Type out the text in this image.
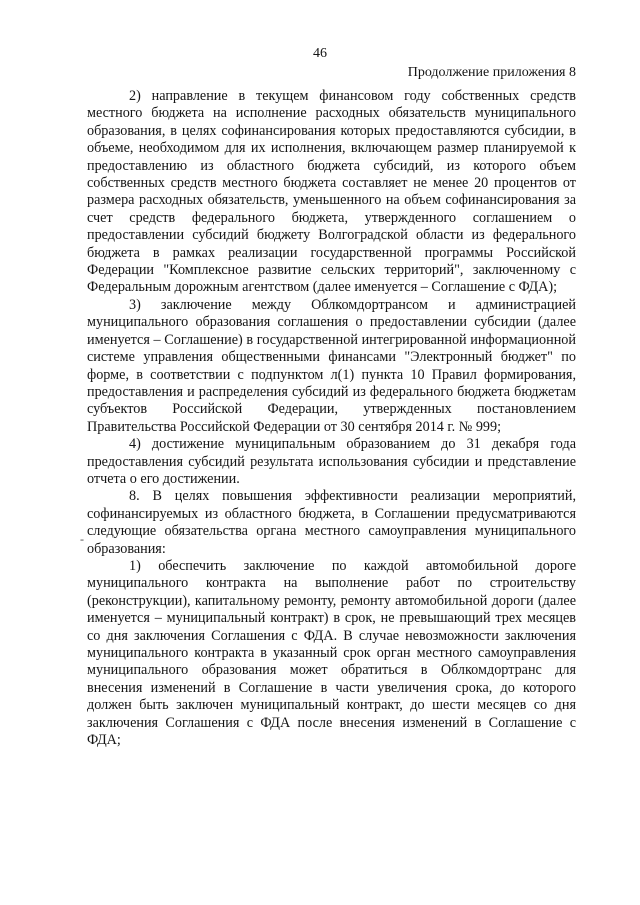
46
Продолжение приложения 8

2) направление в текущем финансовом году собственных средств местного бюджета на исполнение расходных обязательств муниципального образования, в целях софинансирования которых предоставляются субсидии, в объеме, необходимом для их исполнения, включающем размер планируемой к предоставлению из областного бюджета субсидий, из которого объем собственных средств местного бюджета составляет не менее 20 процентов от размера расходных обязательств, уменьшенного на объем софинансирования за счет средств федерального бюджета, утвержденного соглашением о предоставлении субсидий бюджету Волгоградской области из федерального бюджета в рамках реализации государственной программы Российской Федерации "Комплексное развитие сельских территорий", заключенному с Федеральным дорожным агентством (далее именуется – Соглашение с ФДА);

3) заключение между Облкомдортрансом и администрацией муниципального образования соглашения о предоставлении субсидии (далее именуется – Соглашение) в государственной интегрированной информационной системе управления общественными финансами "Электронный бюджет" по форме, в соответствии с подпунктом л(1) пункта 10 Правил формирования, предоставления и распределения субсидий из федерального бюджета бюджетам субъектов Российской Федерации, утвержденных постановлением Правительства Российской Федерации от 30 сентября 2014 г. № 999;

4) достижение муниципальным образованием до 31 декабря года предоставления субсидий результата использования субсидии и представление отчета о его достижении.

8. В целях повышения эффективности реализации мероприятий, софинансируемых из областного бюджета, в Соглашении предусматриваются следующие обязательства органа местного самоуправления муниципального образования:

1) обеспечить заключение по каждой автомобильной дороге муниципального контракта на выполнение работ по строительству (реконструкции), капитальному ремонту, ремонту автомобильной дороги (далее именуется – муниципальный контракт) в срок, не превышающий трех месяцев со дня заключения Соглашения с ФДА. В случае невозможности заключения муниципального контракта в указанный срок орган местного самоуправления муниципального образования может обратиться в Облкомдортранс для внесения изменений в Соглашение в части увеличения срока, до которого должен быть заключен муниципальный контракт, до шести месяцев со дня заключения Соглашения с ФДА после внесения изменений в Соглашение с ФДА;

-
